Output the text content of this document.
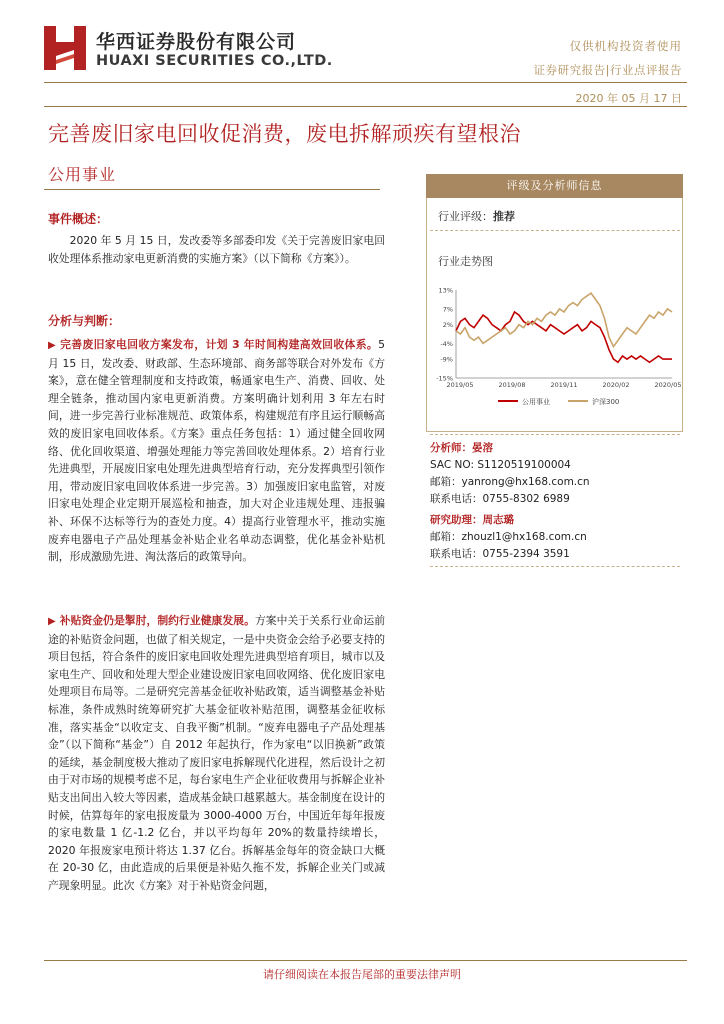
华西证券股份有限公司
HUAXI SECURITIES CO.,LTD.
仅供机构投资者使用
证券研究报告|行业点评报告
2020 年 05 月 17 日
完善废旧家电回收促消费，废电拆解顽疾有望根治
公用事业
事件概述：
2020 年 5 月 15 日，发改委等多部委印发《关于完善废旧家电回收处理体系推动家电更新消费的实施方案》（以下简称《方案》）。
分析与判断：
▶ 完善废旧家电回收方案发布，计划 3 年时间构建高效回收体系。5 月 15 日，发改委、财政部、生态环境部、商务部等联合对外发布《方案》，意在健全管理制度和支持政策，畅通家电生产、消费、回收、处理全链条，推动国内家电更新消费。方案明确计划利用 3 年左右时间，进一步完善行业标准规范、政策体系，构建规范有序且运行顺畅高效的废旧家电回收体系。《方案》重点任务包括：1）通过健全回收网络、优化回收渠道、增强处理能力等完善回收处理体系。2）培育行业先进典型，开展废旧家电处理先进典型培育行动，充分发挥典型引领作用，带动废旧家电回收体系进一步完善。3）加强废旧家电监管，对废旧家电处理企业定期开展巡检和抽查，加大对企业违规处理、违报骗补、环保不达标等行为的查处力度。4）提高行业管理水平，推动实施废弃电器电子产品处理基金补贴企业名单动态调整，优化基金补贴机制，形成激励先进、淘汰落后的政策导向。
▶ 补贴资金仍是掣肘，制约行业健康发展。方案中关于关系行业命运前途的补贴资金问题，也做了相关规定，一是中央资金会给予必要支持的项目包括，符合条件的废旧家电回收处理先进典型培育项目，城市以及家电生产、回收和处理大型企业建设废旧家电回收网络、优化废旧家电处理项目布局等。二是研究完善基金征收补贴政策，适当调整基金补贴标准，条件成熟时统筹研究扩大基金征收补贴范围，调整基金征收标准，落实基金“以收定支、自我平衡”机制。“废弃电器电子产品处理基金”（以下简称“基金”）自 2012 年起执行，作为家电“以旧换新”政策的延续，基金制度极大推动了废旧家电拆解现代化进程，然后设计之初由于对市场的规模考虑不足，每台家电生产企业征收费用与拆解企业补贴支出间出入较大等因素，造成基金缺口越累越大。基金制度在设计的时候，估算每年的家电报废量为 3000-4000 万台，中国近年每年报废的家电数量 1 亿-1.2 亿台，并以平均每年 20%的数量持续增长，2020 年报废家电预计将达 1.37 亿台。拆解基金每年的资金缺口大概在 20-30 亿，由此造成的后果便是补贴久拖不发，拆解企业关门或减产现象明显。此次《方案》对于补贴资金问题，
评级及分析师信息
行业评级：推荐
行业走势图
13%
7%
2%
-4%
-9%
-15%
2019/05	2019/08	2019/11	2020/02	2020/05
公用事业	沪深300
分析师：晏溶
SAC NO: S1120519100004
邮箱：yanrong@hx168.com.cn
联系电话：0755-8302 6989
研究助理：周志璐
邮箱：zhouzl1@hx168.com.cn
联系电话：0755-2394 3591
请仔细阅读在本报告尾部的重要法律声明
